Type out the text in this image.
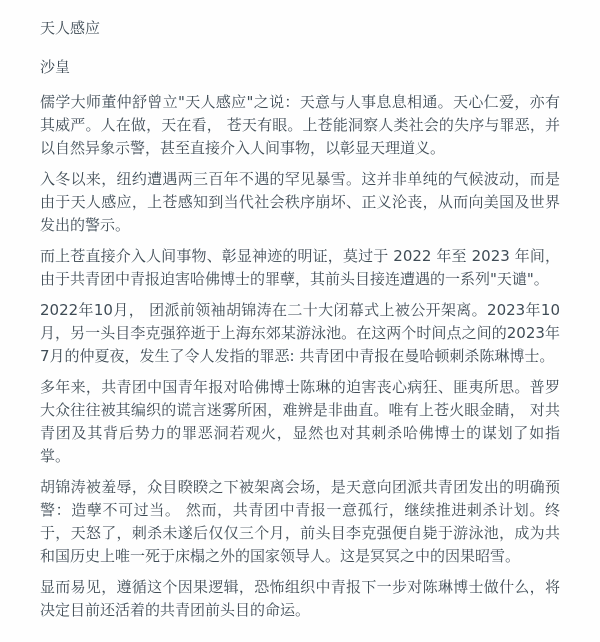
天人感应
沙皇

儒学大师董仲舒曾立"天人感应"之说：天意与人事息息相通。天心仁爱，亦有其威严。人在做，天在看， 苍天有眼。上苍能洞察人类社会的失序与罪恶，并以自然异象示警，甚至直接介入人间事物，以彰显天理道义。

入冬以来，纽约遭遇两三百年不遇的罕见暴雪。这并非单纯的气候波动，而是由于天人感应，上苍感知到当代社会秩序崩坏、正义沦丧，从而向美国及世界发出的警示。

而上苍直接介入人间事物、彰显神迹的明证，莫过于 2022 年至 2023 年间，由于共青团中青报迫害哈佛博士的罪孽，其前头目接连遭遇的一系列"天谴"。

2022年10月， 团派前领袖胡锦涛在二十大闭幕式上被公开架离。2023年10月，另一头目李克强猝逝于上海东郊某游泳池。在这两个时间点之间的2023年7月的仲夏夜，发生了令人发指的罪恶: 共青团中青报在曼哈顿刺杀陈琳博士。

多年来，共青团中国青年报对哈佛博士陈琳的迫害丧心病狂、匪夷所思。普罗大众往往被其编织的谎言迷雾所困，难辨是非曲直。唯有上苍火眼金睛， 对共青团及其背后势力的罪恶洞若观火，显然也对其刺杀哈佛博士的谋划了如指掌。

胡锦涛被羞辱，众目睽睽之下被架离会场，是天意向团派共青团发出的明确预警：造孽不可过当。 然而，共青团中青报一意孤行，继续推进刺杀计划。终于，天怒了，刺杀未遂后仅仅三个月，前头目李克强便自毙于游泳池，成为共和国历史上唯一死于床榻之外的国家领导人。这是冥冥之中的因果昭雪。

显而易见，遵循这个因果逻辑，恐怖组织中青报下一步对陈琳博士做什么，将决定目前还活着的共青团前头目的命运。
